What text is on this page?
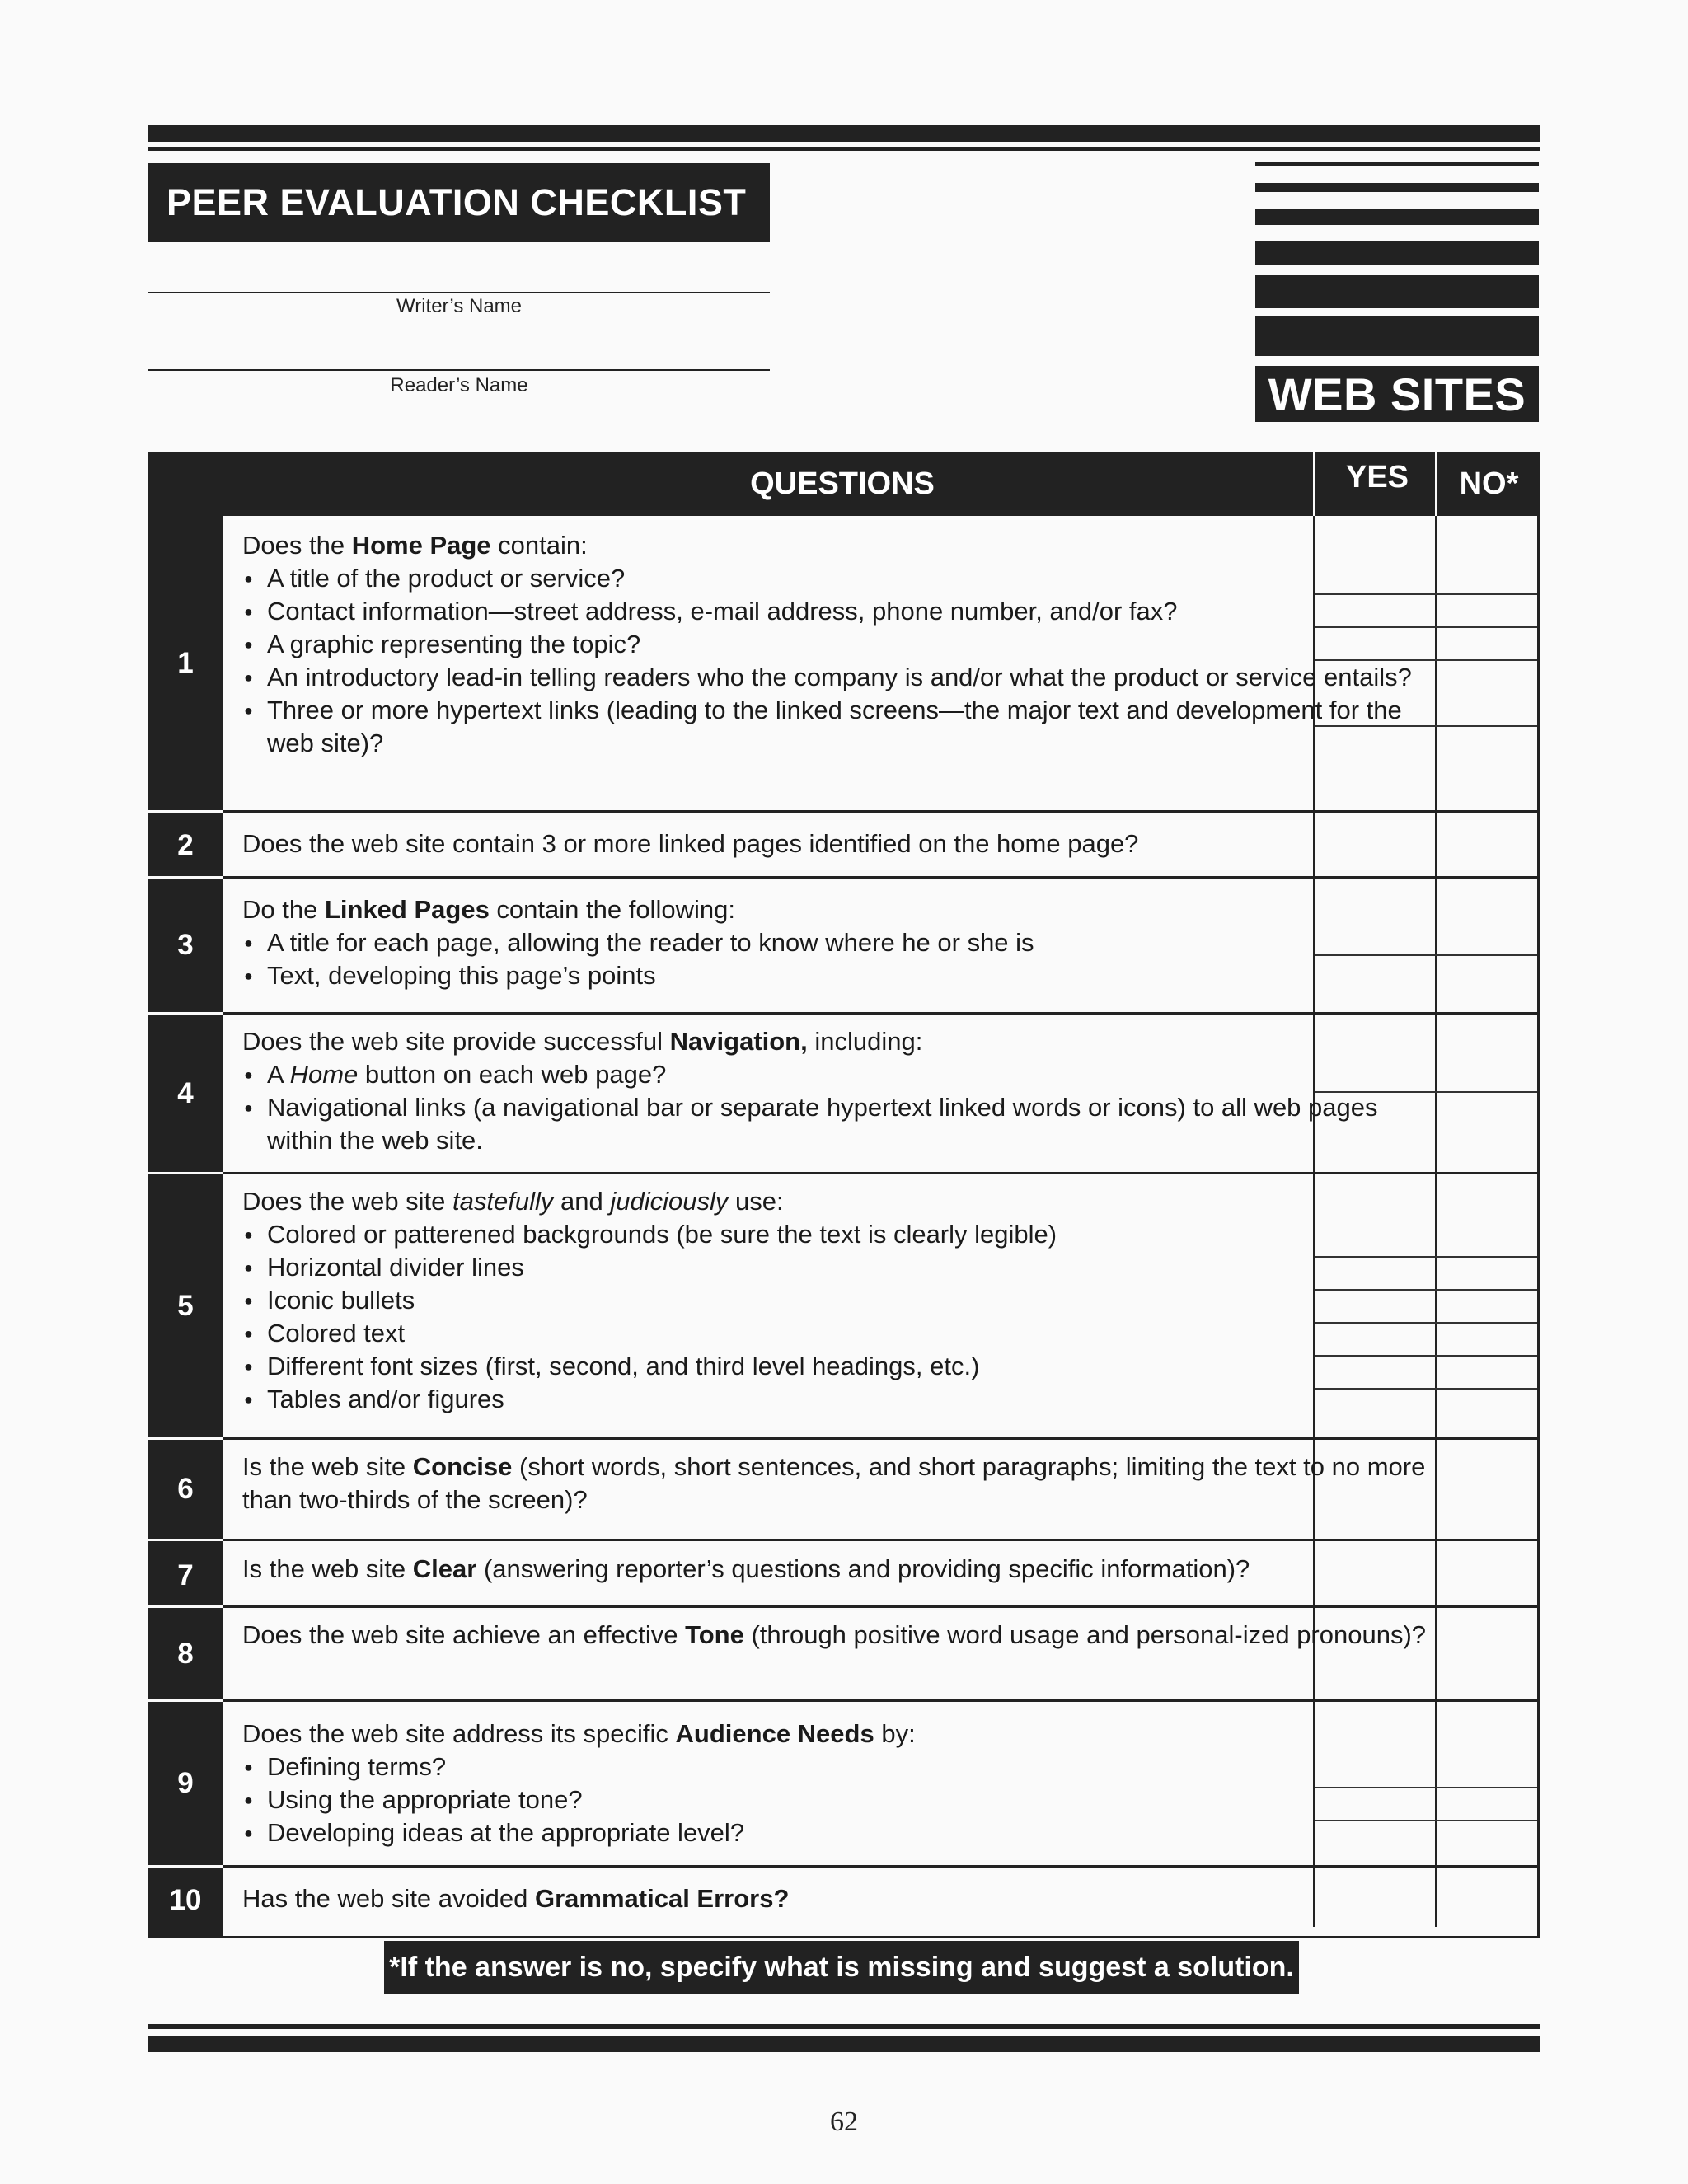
WEB SITES
PEER EVALUATION CHECKLIST
Writer’s Name
Reader’s Name
QUESTIONS	YES	NO*
1
2
3
4
5
6
7
8
9
10

Does the Home Page contain:

● A title of the product or service?
● Contact information—street address, e-mail address, phone number, and/or fax?
● A graphic representing the topic?
● An introductory lead-in telling readers who the company is and/or what the product or service entails?
● Three or more hypertext links (leading to the linked screens—the major text and development for the web site)?
Does the web site contain 3 or more linked pages identified on the home page?

Do the Linked Pages contain the following:

● A title for each page, allowing the reader to know where he or she is
● Text, developing this page’s points

Does the web site provide successful Navigation, including:

● A Home button on each web page?
● Navigational links (a navigational bar or separate hypertext linked words or icons) to all web pages within the web site.

Does the web site tastefully and judiciously use:

● Colored or patterened backgrounds (be sure the text is clearly legible)
● Horizontal divider lines
● Iconic bullets
● Colored text
● Different font sizes (first, second, and third level headings, etc.)
● Tables and/or figures
Is the web site Concise (short words, short sentences, and short paragraphs; limiting the text to no more than two-thirds of the screen)?
Is the web site Clear (answering reporter’s questions and providing specific information)?
Does the web site achieve an effective Tone (through positive word usage and personal-ized pronouns)?

Does the web site address its specific Audience Needs by:

● Defining terms?
● Using the appropriate tone?
● Developing ideas at the appropriate level?
Has the web site avoided Grammatical Errors?
*If the answer is no, specify what is missing and suggest a solution.
62
